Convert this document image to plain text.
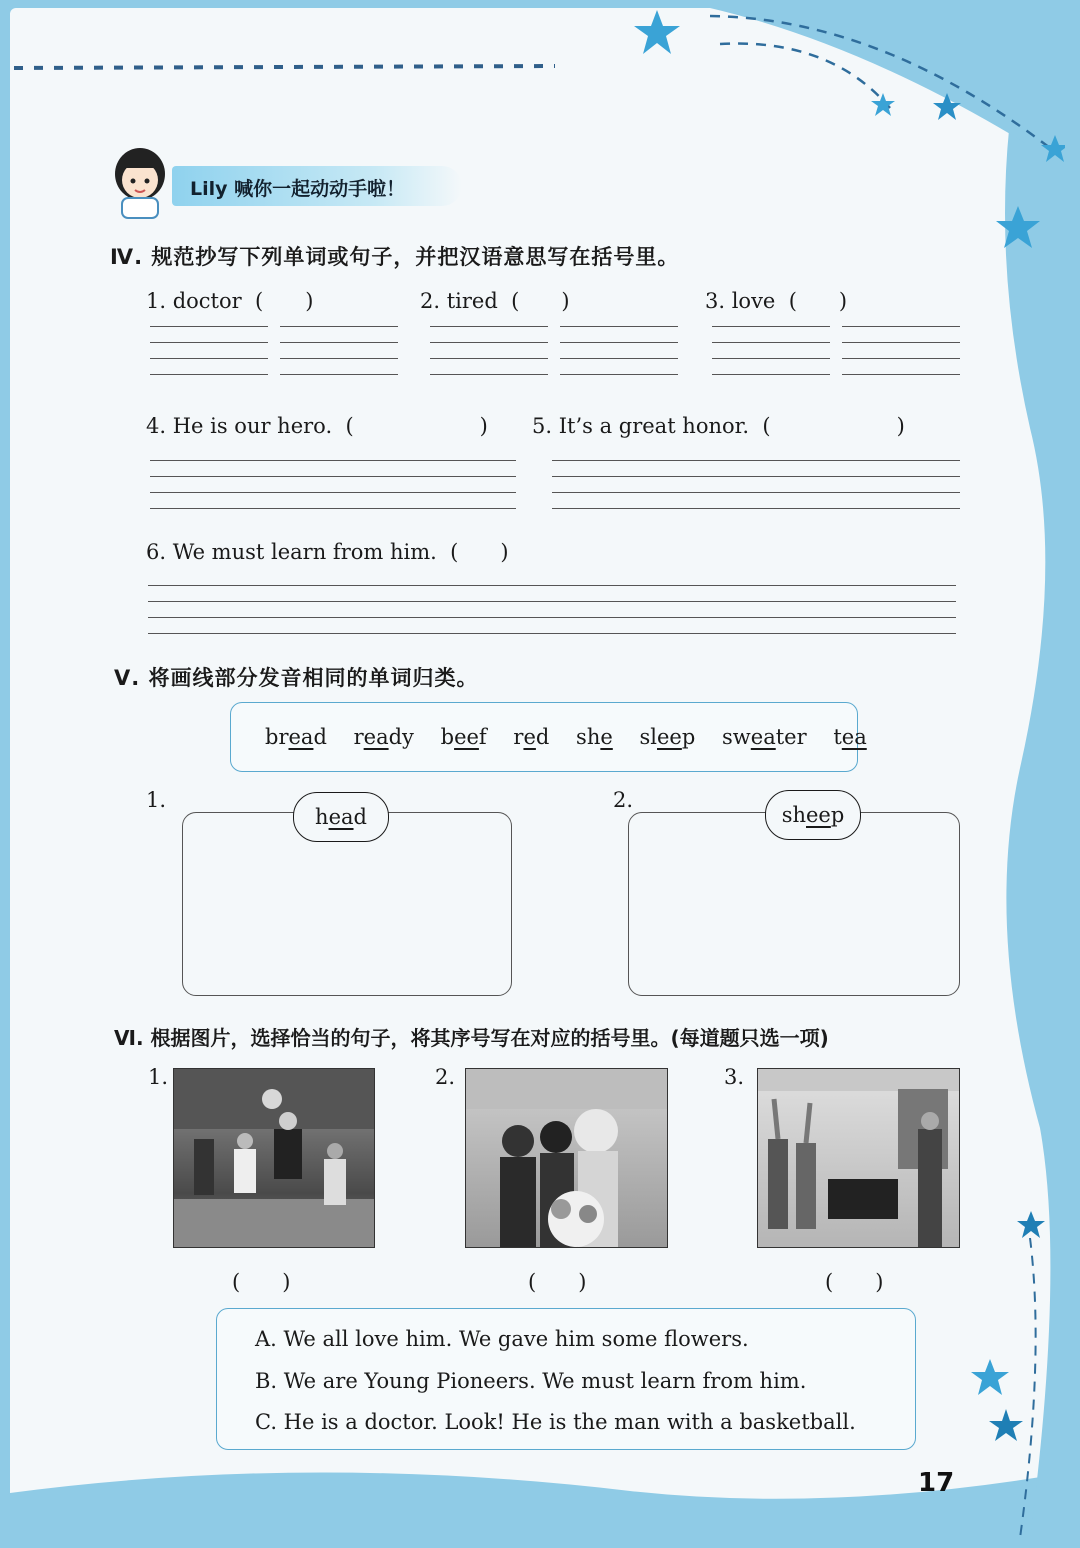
Lily 喊你一起动动手啦！
Ⅳ. 规范抄写下列单词或句子，并把汉语意思写在括号里。
1. doctor (　　)	2. tired (　　)	3. love (　　)
4. He is our hero. (　　　　　　) 5. It’s a great honor. (　　　　　　)
6. We must learn from him. (　　)
Ⅴ. 将画线部分发音相同的单词归类。
bread ready beef red she sleep sweater tea
1.
head
2.
sheep
Ⅵ. 根据图片，选择恰当的句子，将其序号写在对应的括号里。(每道题只选一项)
1.	2.	3.
(　　)	(　　)	(　　)
A. We all love him. We gave him some flowers.
B. We are Young Pioneers. We must learn from him.
C. He is a doctor. Look! He is the man with a basketball.
17
